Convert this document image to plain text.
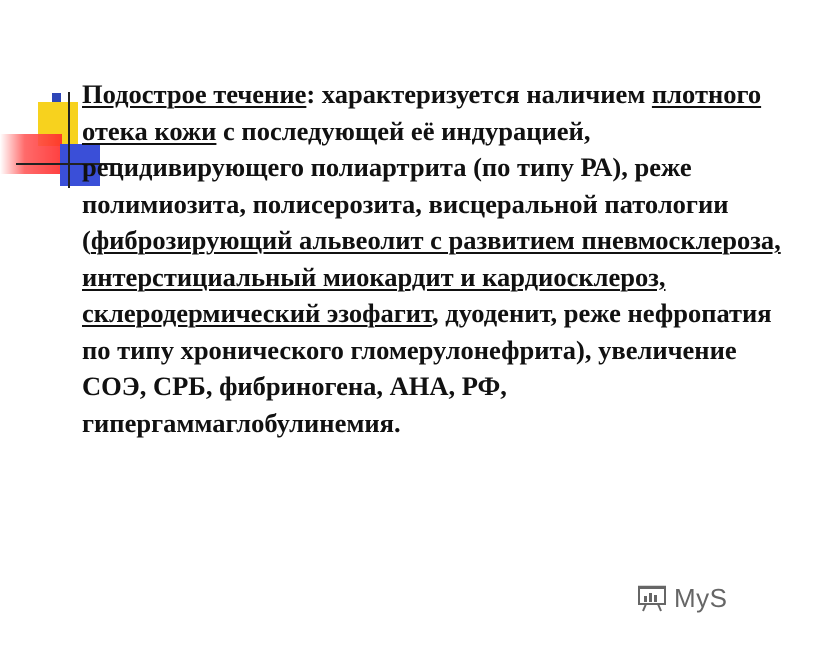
Подострое течение: характеризуется наличием плотного отека кожи с последующей её индурацией, рецидивирующего полиартрита (по типу РА), реже полимиозита, полисерозита, висцеральной патологии (фиброзирующий альвеолит с развитием пневмосклероза, интерстициальный миокардит и кардиосклероз, склеродермический эзофагит, дуоденит, реже нефропатия по типу хронического гломерулонефрита), увеличение СОЭ, СРБ, фибриногена, АНА, РФ, гипергаммаглобулинемия.
MyS
